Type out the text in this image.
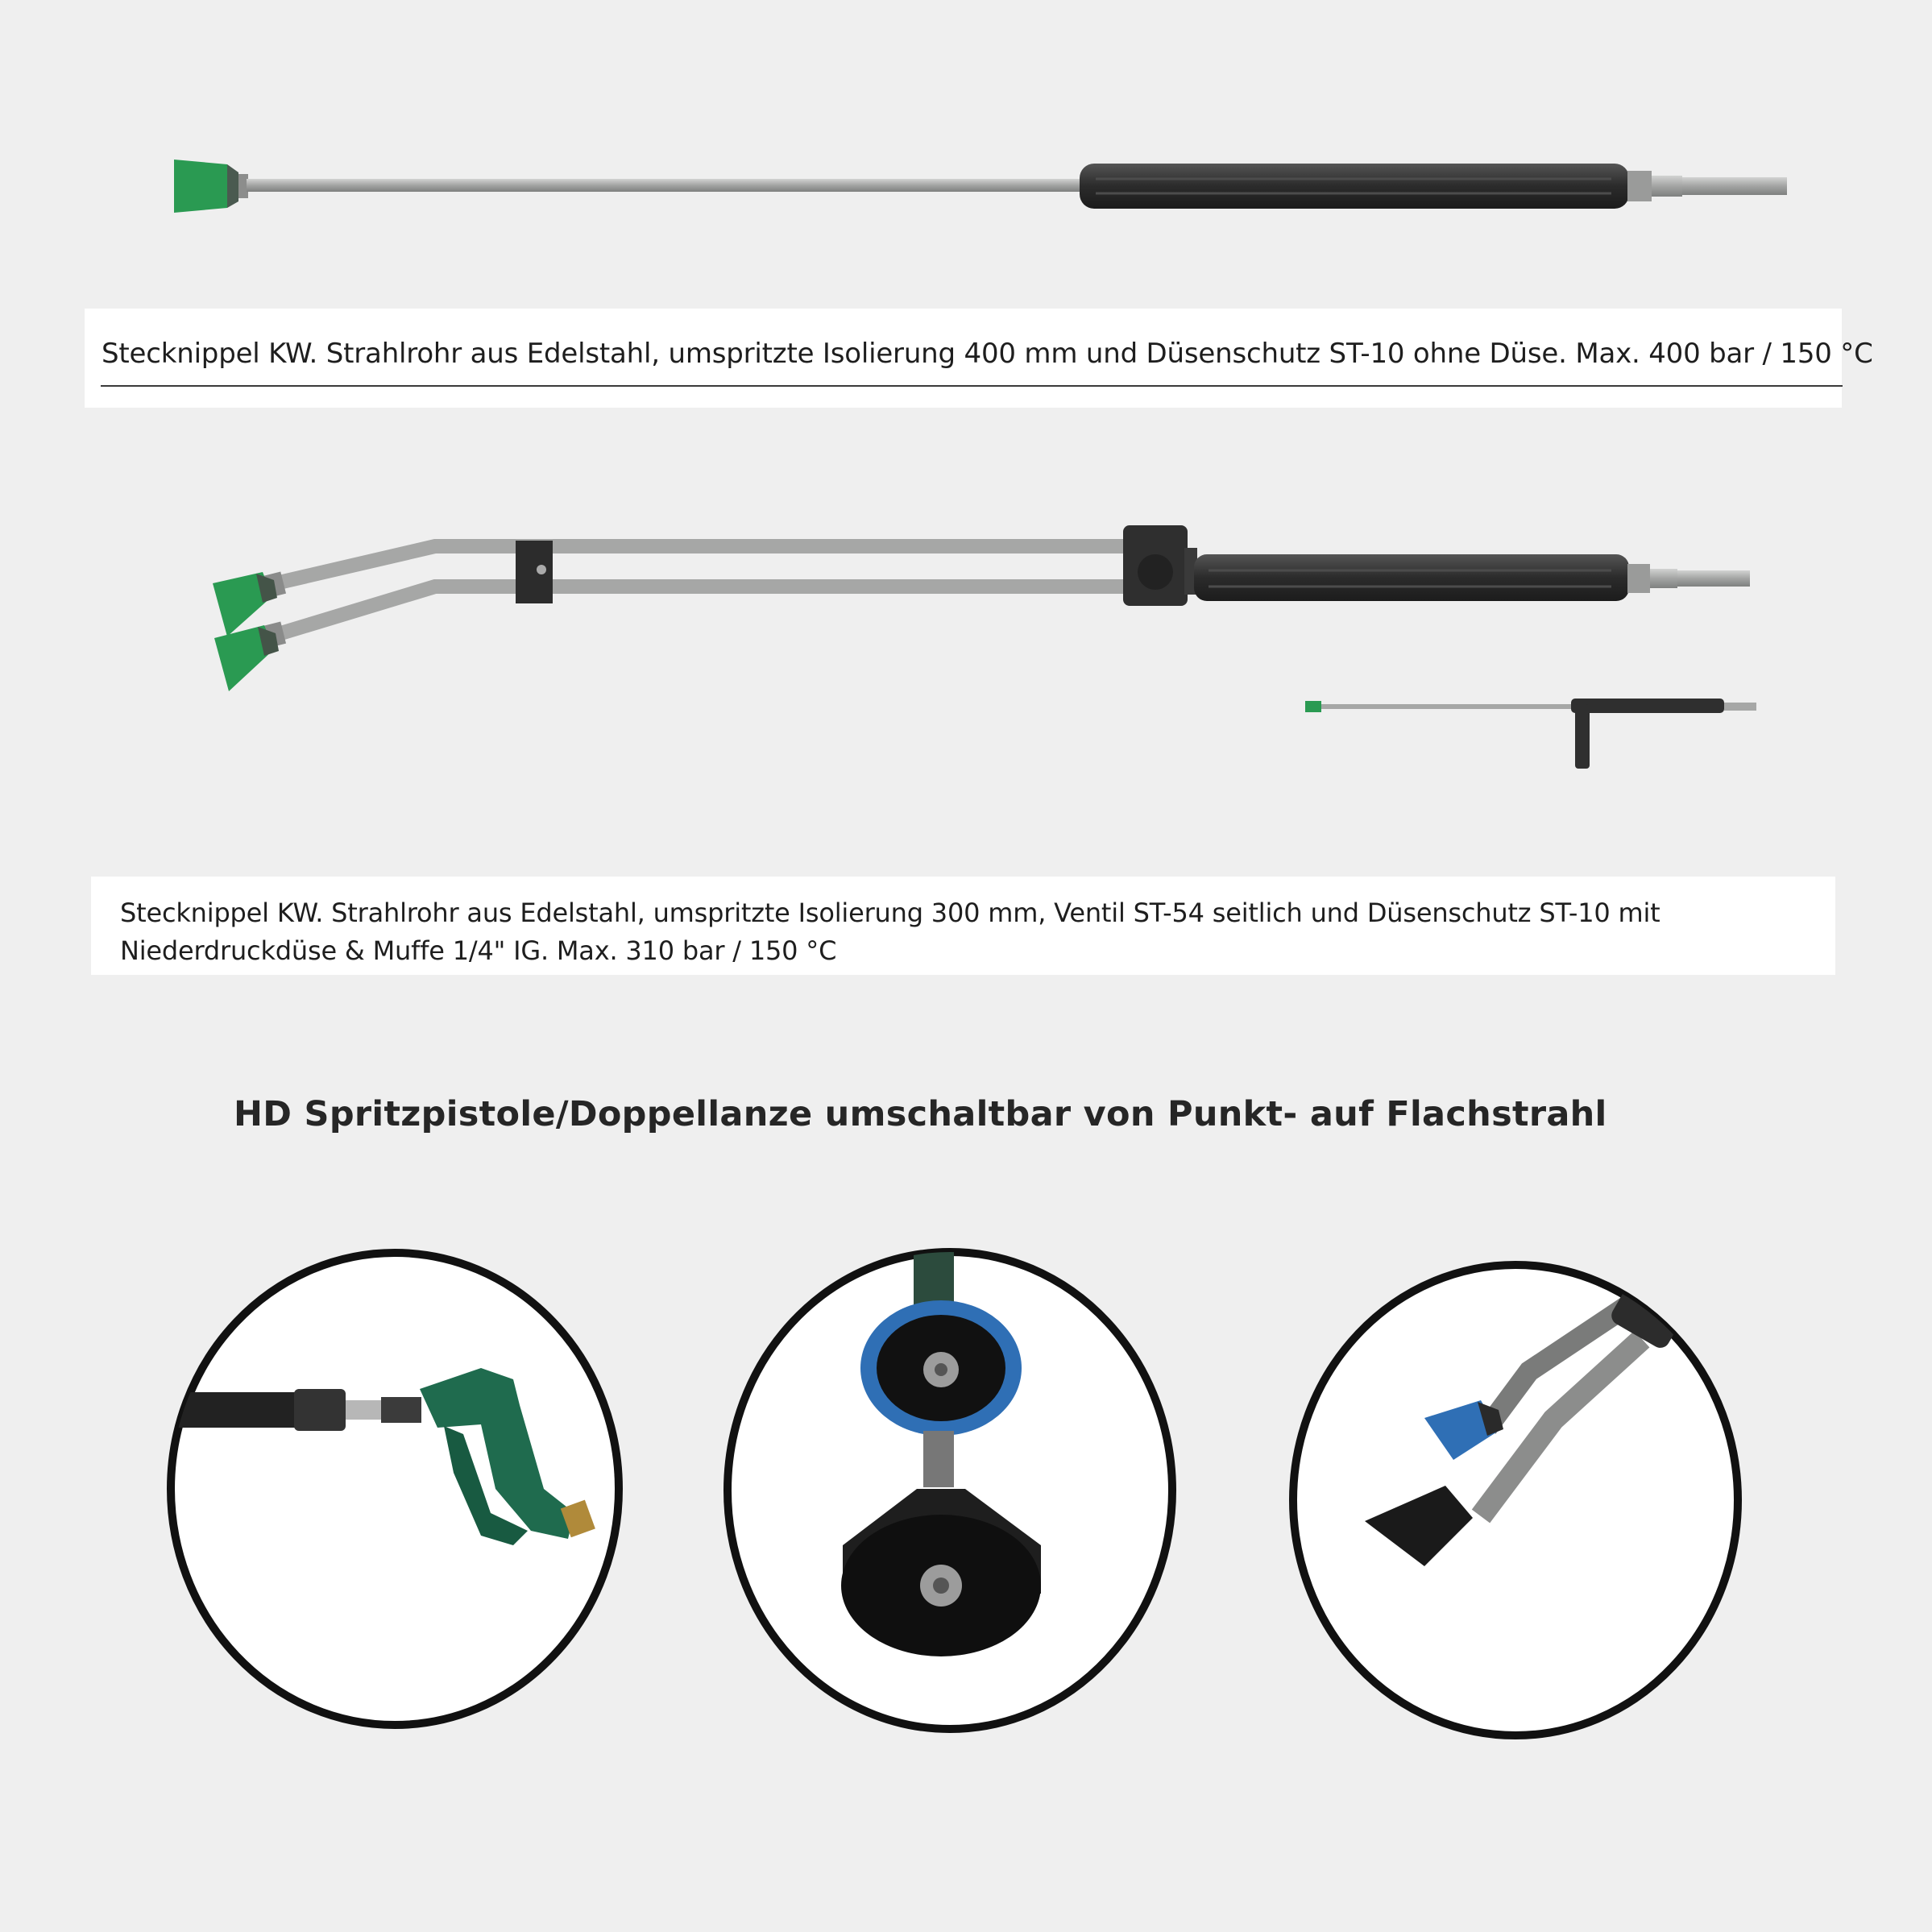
Stecknippel KW. Strahlrohr aus Edelstahl, umspritzte Isolierung 400 mm und Düsenschutz ST-10 ohne Düse. Max. 400 bar / 150 °C
Stecknippel KW. Strahlrohr aus Edelstahl, umspritzte Isolierung 300 mm, Ventil ST-54 seitlich und Düsenschutz ST-10 mit Niederdruckdüse & Muffe 1/4" IG. Max. 310 bar / 150 °C
HD Spritzpistole/Doppellanze umschaltbar von Punkt- auf Flachstrahl
